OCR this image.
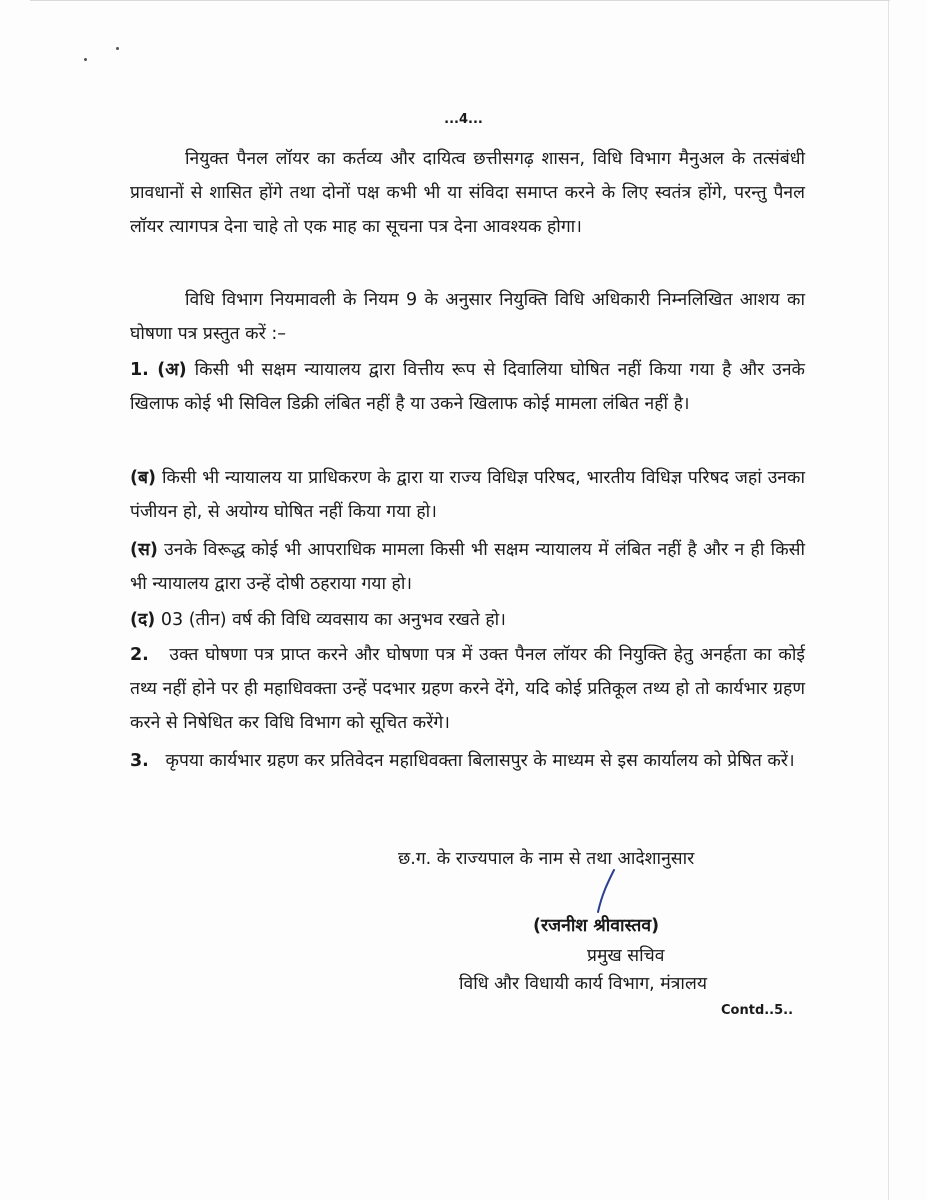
...4...

नियुक्त पैनल लॉयर का कर्तव्य और दायित्व छत्तीसगढ़ शासन, विधि विभाग मैनुअल के तत्संबंधी प्रावधानों से शासित होंगे तथा दोनों पक्ष कभी भी या संविदा समाप्त करने के लिए स्वतंत्र होंगे, परन्तु पैनल लॉयर त्यागपत्र देना चाहे तो एक माह का सूचना पत्र देना आवश्यक होगा।

विधि विभाग नियमावली के नियम 9 के अनुसार नियुक्ति विधि अधिकारी निम्नलिखित आशय का घोषणा पत्र प्रस्तुत करें :–

1. (अ) किसी भी सक्षम न्यायालय द्वारा वित्तीय रूप से दिवालिया घोषित नहीं किया गया है और उनके खिलाफ कोई भी सिविल डिक्री लंबित नहीं है या उकने खिलाफ कोई मामला लंबित नहीं है।

(ब) किसी भी न्यायालय या प्राधिकरण के द्वारा या राज्य विधिज्ञ परिषद, भारतीय विधिज्ञ परिषद जहां उनका पंजीयन हो, से अयोग्य घोषित नहीं किया गया हो।

(स) उनके विरूद्ध कोई भी आपराधिक मामला किसी भी सक्षम न्यायालय में लंबित नहीं है और न ही किसी भी न्यायालय द्वारा उन्हें दोषी ठहराया गया हो।

(द) 03 (तीन) वर्ष की विधि व्यवसाय का अनुभव रखते हो।

2. उक्त घोषणा पत्र प्राप्त करने और घोषणा पत्र में उक्त पैनल लॉयर की नियुक्ति हेतु अनर्हता का कोई तथ्य नहीं होने पर ही महाधिवक्ता उन्हें पदभार ग्रहण करने देंगे, यदि कोई प्रतिकूल तथ्य हो तो कार्यभार ग्रहण करने से निषेधित कर विधि विभाग को सूचित करेंगे।

3. कृपया कार्यभार ग्रहण कर प्रतिवेदन महाधिवक्ता बिलासपुर के माध्यम से इस कार्यालय को प्रेषित करें।

छ.ग. के राज्यपाल के नाम से तथा आदेशानुसार
(रजनीश श्रीवास्तव)
प्रमुख सचिव
विधि और विधायी कार्य विभाग, मंत्रालय
Contd..5..
